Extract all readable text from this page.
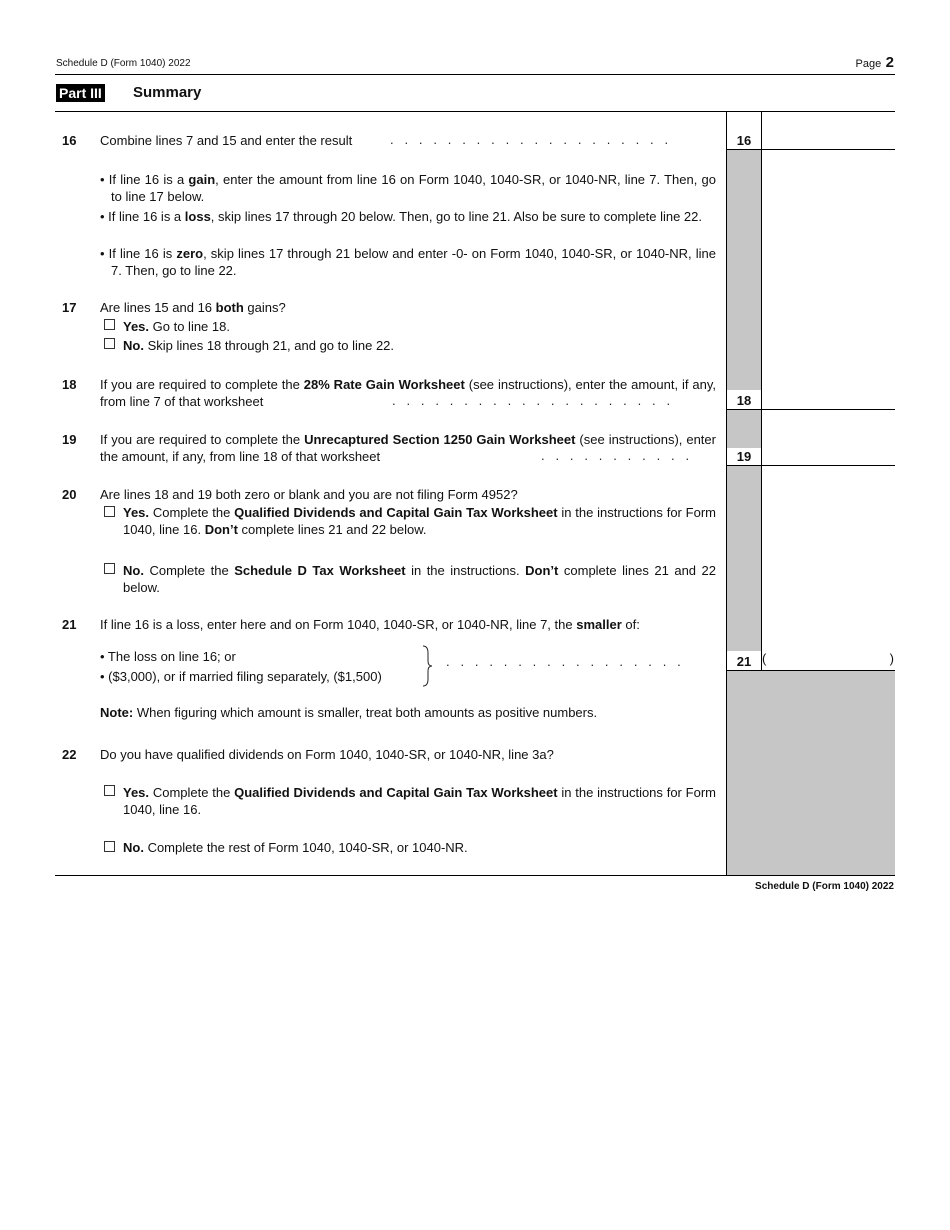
Schedule D (Form 1040) 2022	Page 2
Part III Summary
16 Combine lines 7 and 15 and enter the result	.   .   .   .   .   .   .   .   .   .   .   .   .   .   .   .   .   .   .   .	16
• If line 16 is a gain, enter the amount from line 16 on Form 1040, 1040-SR, or 1040-NR, line 7. Then, go to line 17 below.
• If line 16 is a loss, skip lines 17 through 20 below. Then, go to line 21. Also be sure to complete line 22.
• If line 16 is zero, skip lines 17 through 21 below and enter -0- on Form 1040, 1040-SR, or 1040-NR, line 7. Then, go to line 22.
17 Are lines 15 and 16 both gains?
Yes. Go to line 18.
No. Skip lines 18 through 21, and go to line 22.
18 If you are required to complete the 28% Rate Gain Worksheet (see instructions), enter the amount, if any, from line 7 of that worksheet	.   .   .   .   .   .   .   .   .   .   .   .   .   .   .   .   .   .   .   .	18
19 If you are required to complete the Unrecaptured Section 1250 Gain Worksheet (see instructions), enter the amount, if any, from line 18 of that worksheet	.   .   .   .   .   .   .   .   .   .   .	19
20 Are lines 18 and 19 both zero or blank and you are not filing Form 4952?
Yes. Complete the Qualified Dividends and Capital Gain Tax Worksheet in the instructions for Form 1040, line 16. Don’t complete lines 21 and 22 below.
No. Complete the Schedule D Tax Worksheet in the instructions. Don’t complete lines 21 and 22 below.
21 If line 16 is a loss, enter here and on Form 1040, 1040-SR, or 1040-NR, line 7, the smaller of:
• The loss on line 16; or
• ($3,000), or if married filing separately, ($1,500)
.   .   .   .   .   .   .   .   .   .   .   .   .   .   .   .   .	21 (	)
Note: When figuring which amount is smaller, treat both amounts as positive numbers.
22 Do you have qualified dividends on Form 1040, 1040-SR, or 1040-NR, line 3a?
Yes. Complete the Qualified Dividends and Capital Gain Tax Worksheet in the instructions for Form 1040, line 16.
No. Complete the rest of Form 1040, 1040-SR, or 1040-NR.
Schedule D (Form 1040) 2022
